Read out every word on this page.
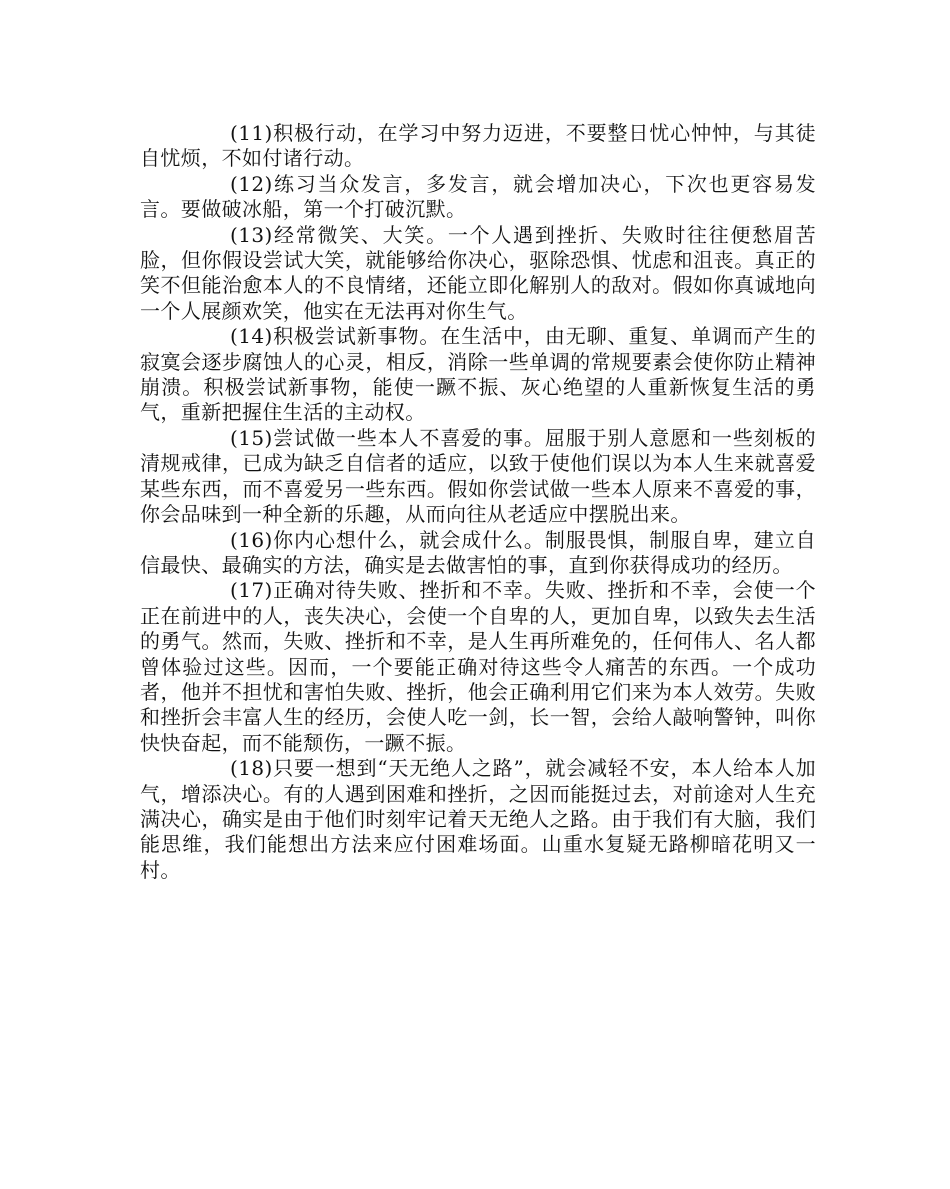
(11)积极行动，在学习中努力迈进，不要整日忧心忡忡，与其徒自忧烦，不如付诸行动。

(12)练习当众发言，多发言，就会增加决心，下次也更容易发言。要做破冰船，第一个打破沉默。

(13)经常微笑、大笑。一个人遇到挫折、失败时往往便愁眉苦脸，但你假设尝试大笑，就能够给你决心，驱除恐惧、忧虑和沮丧。真正的笑不但能治愈本人的不良情绪，还能立即化解别人的敌对。假如你真诚地向一个人展颜欢笑，他实在无法再对你生气。

(14)积极尝试新事物。在生活中，由无聊、重复、单调而产生的寂寞会逐步腐蚀人的心灵，相反，消除一些单调的常规要素会使你防止精神崩溃。积极尝试新事物，能使一蹶不振、灰心绝望的人重新恢复生活的勇气，重新把握住生活的主动权。

(15)尝试做一些本人不喜爱的事。屈服于别人意愿和一些刻板的清规戒律，已成为缺乏自信者的适应，以致于使他们误以为本人生来就喜爱某些东西，而不喜爱另一些东西。假如你尝试做一些本人原来不喜爱的事，你会品味到一种全新的乐趣，从而向往从老适应中摆脱出来。

(16)你内心想什么，就会成什么。制服畏惧，制服自卑，建立自信最快、最确实的方法，确实是去做害怕的事，直到你获得成功的经历。

(17)正确对待失败、挫折和不幸。失败、挫折和不幸，会使一个正在前进中的人，丧失决心，会使一个自卑的人，更加自卑，以致失去生活的勇气。然而，失败、挫折和不幸，是人生再所难免的，任何伟人、名人都曾体验过这些。因而，一个要能正确对待这些令人痛苦的东西。一个成功者，他并不担忧和害怕失败、挫折，他会正确利用它们来为本人效劳。失败和挫折会丰富人生的经历，会使人吃一剑，长一智，会给人敲响警钟，叫你快快奋起，而不能颓伤，一蹶不振。

(18)只要一想到“天无绝人之路”，就会减轻不安，本人给本人加气，增添决心。有的人遇到困难和挫折，之因而能挺过去，对前途对人生充满决心，确实是由于他们时刻牢记着天无绝人之路。由于我们有大脑，我们能思维，我们能想出方法来应付困难场面。山重水复疑无路柳暗花明又一村。
